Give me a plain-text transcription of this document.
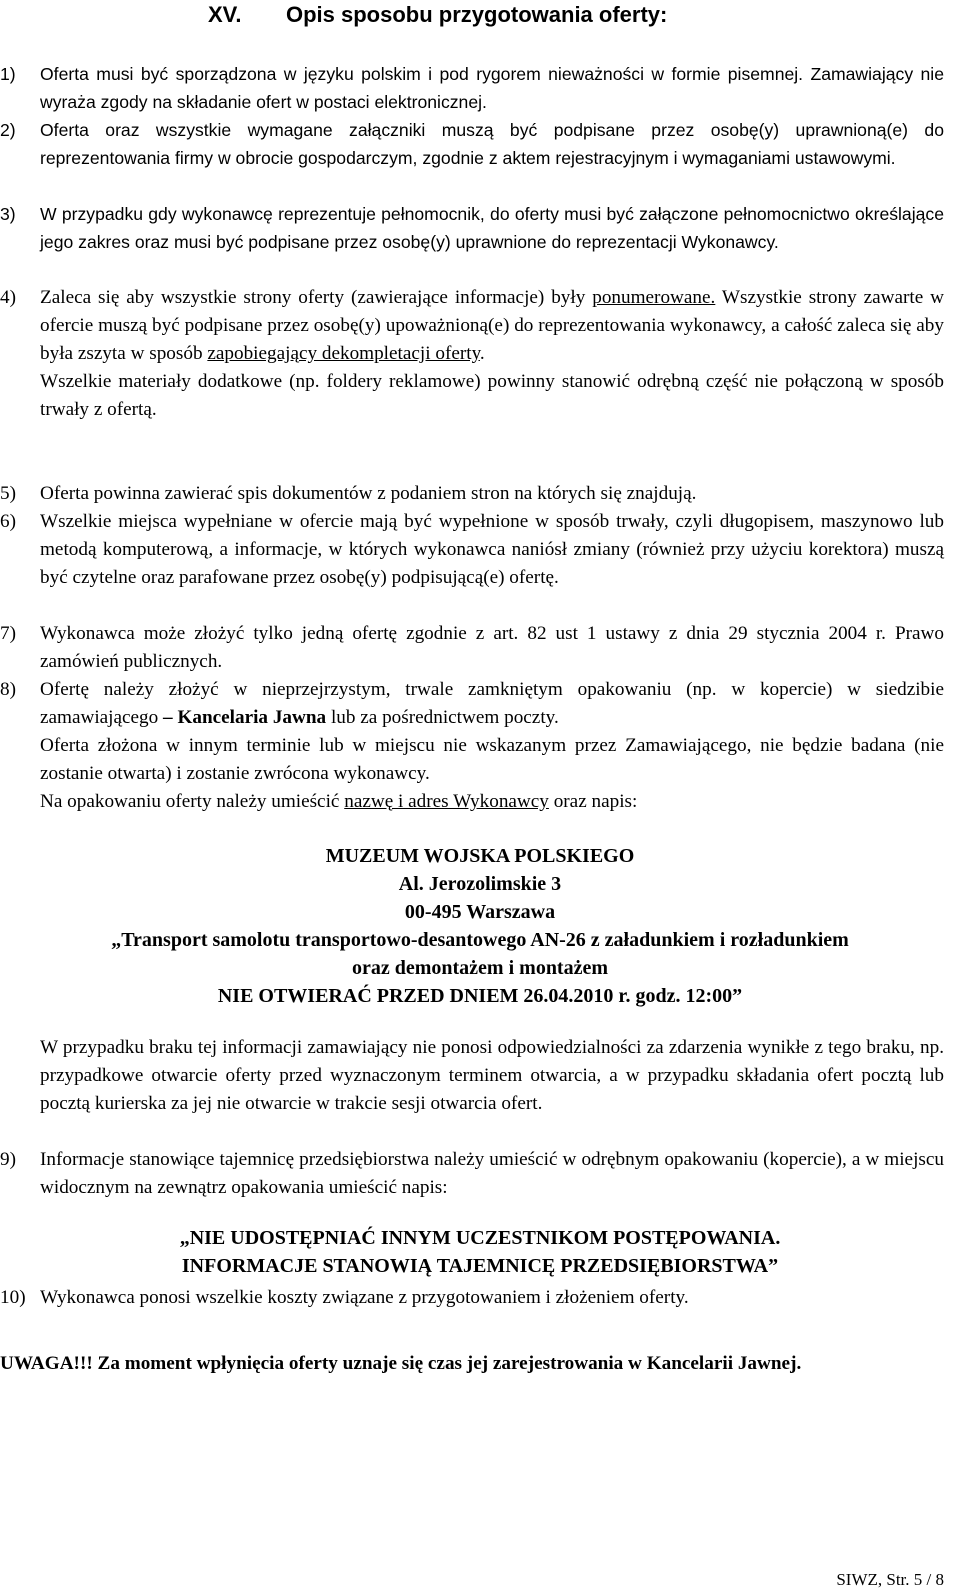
XV. Opis sposobu przygotowania oferty:
1)	Oferta musi być sporządzona w języku polskim i pod rygorem nieważności w formie pisemnej. Zamawiający nie wyraża zgody na składanie ofert w postaci elektronicznej.

2)	Oferta oraz wszystkie wymagane załączniki muszą być podpisane przez osobę(y) uprawnioną(e) do reprezentowania firmy w obrocie gospodarczym, zgodnie z aktem rejestracyjnym i wymaganiami ustawowymi.

3)	W przypadku gdy wykonawcę reprezentuje pełnomocnik, do oferty musi być załączone pełnomocnictwo określające jego zakres oraz musi być podpisane przez osobę(y) uprawnione do reprezentacji Wykonawcy.

4)	Zaleca się aby wszystkie strony oferty (zawierające informacje) były ponumerowane. Wszystkie strony zawarte w ofercie muszą być podpisane przez osobę(y) upoważnioną(e) do reprezentowania wykonawcy, a całość zaleca się aby była zszyta w sposób zapobiegający dekompletacji oferty.

Wszelkie materiały dodatkowe (np. foldery reklamowe) powinny stanowić odrębną część nie połączoną w sposób trwały z ofertą.

5)	Oferta powinna zawierać spis dokumentów z podaniem stron na których się znajdują.

6)	Wszelkie miejsca wypełniane w ofercie mają być wypełnione w sposób trwały, czyli długopisem, maszynowo lub metodą komputerową, a informacje, w których wykonawca naniósł zmiany (również przy użyciu korektora) muszą być czytelne oraz parafowane przez osobę(y) podpisującą(e) ofertę.

7)	Wykonawca może złożyć tylko jedną ofertę zgodnie z art. 82 ust 1 ustawy z dnia 29 stycznia 2004 r. Prawo zamówień publicznych.

8)	Ofertę należy złożyć w nieprzejrzystym, trwale zamkniętym opakowaniu (np. w kopercie) w siedzibie zamawiającego – Kancelaria Jawna lub za pośrednictwem poczty.

Oferta złożona w innym terminie lub w miejscu nie wskazanym przez Zamawiającego, nie będzie badana (nie zostanie otwarta) i zostanie zwrócona wykonawcy.

Na opakowaniu oferty należy umieścić nazwę i adres Wykonawcy oraz napis:

MUZEUM WOJSKA POLSKIEGO
Al. Jerozolimskie 3
00-495 Warszawa
„Transport samolotu transportowo-desantowego AN-26 z załadunkiem i rozładunkiem
oraz demontażem i montażem
NIE OTWIERAĆ PRZED DNIEM 26.04.2010 r. godz. 12:00”

W przypadku braku tej informacji zamawiający nie ponosi odpowiedzialności za zdarzenia wynikłe z tego braku, np. przypadkowe otwarcie oferty przed wyznaczonym terminem otwarcia, a w przypadku składania ofert pocztą lub pocztą kurierska za jej nie otwarcie w trakcie sesji otwarcia ofert.

9)	Informacje stanowiące tajemnicę przedsiębiorstwa należy umieścić w odrębnym opakowaniu (kopercie), a w miejscu widocznym na zewnątrz opakowania umieścić napis:

„NIE UDOSTĘPNIAĆ INNYM UCZESTNIKOM POSTĘPOWANIA.
INFORMACJE STANOWIĄ TAJEMNICĘ PRZEDSIĘBIORSTWA”
10) Wykonawca ponosi wszelkie koszty związane z przygotowaniem i złożeniem oferty.

UWAGA!!! Za moment wpłynięcia oferty uznaje się czas jej zarejestrowania w Kancelarii Jawnej.

SIWZ, Str. 5 / 8
